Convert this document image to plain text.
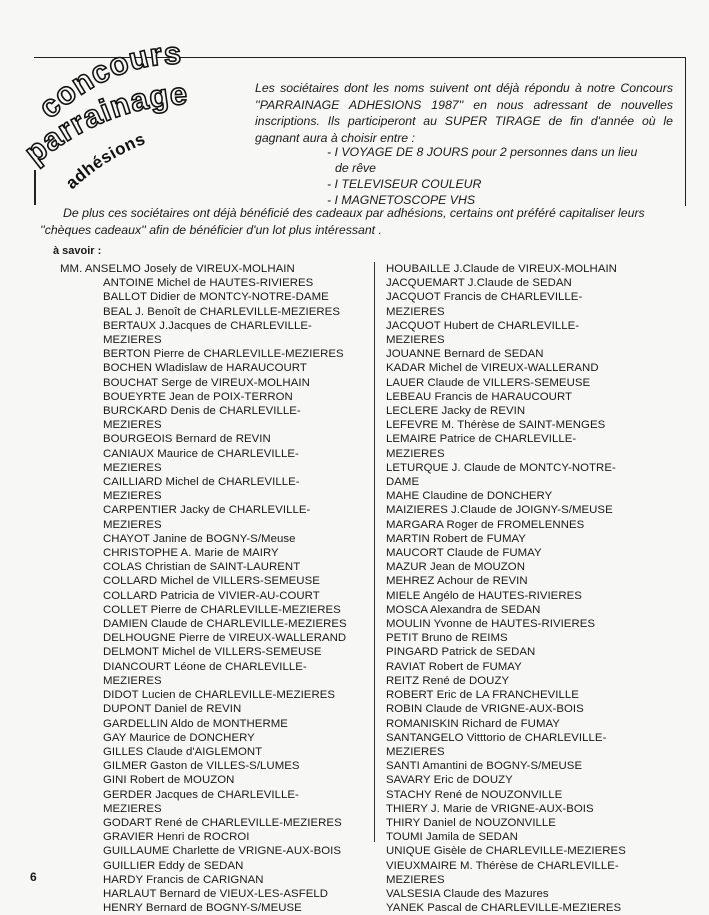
concours
parrainage
adhésions

Les sociétaires dont les noms suivent ont déjà répondu à notre Concours ''PARRAINAGE ADHESIONS 1987'' en nous adressant de nouvelles inscriptions. Ils participeront au SUPER TIRAGE de fin d'année où le gagnant aura à choisir entre :

- I VOYAGE DE 8 JOURS pour 2 personnes dans un lieu
de rêve
- I TELEVISEUR COULEUR
- I MAGNETOSCOPE VHS
De plus ces sociétaires ont déjà bénéficié des cadeaux par adhésions, certains ont préféré capitaliser leurs ''chèques cadeaux'' afin de bénéficier d'un lot plus intéressant .
à savoir :
MM. ANSELMO Josely de VIREUX-MOLHAIN
ANTOINE Michel de HAUTES-RIVIERES
BALLOT Didier de MONTCY-NOTRE-DAME
BEAL J. Benoît de CHARLEVILLE-MEZIERES
BERTAUX J.Jacques de CHARLEVILLE-
MEZIERES
BERTON Pierre de CHARLEVILLE-MEZIERES
BOCHEN Wladislaw de HARAUCOURT
BOUCHAT Serge de VIREUX-MOLHAIN
BOUEYRTE Jean de POIX-TERRON
BURCKARD Denis de CHARLEVILLE-
MEZIERES
BOURGEOIS Bernard de REVIN
CANIAUX Maurice de CHARLEVILLE-
MEZIERES
CAILLIARD Michel de CHARLEVILLE-
MEZIERES
CARPENTIER Jacky de CHARLEVILLE-
MEZIERES
CHAYOT Janine de BOGNY-S/Meuse
CHRISTOPHE A. Marie de MAIRY
COLAS Christian de SAINT-LAURENT
COLLARD Michel de VILLERS-SEMEUSE
COLLARD Patricia de VIVIER-AU-COURT
COLLET Pierre de CHARLEVILLE-MEZIERES
DAMIEN Claude de CHARLEVILLE-MEZIERES
DELHOUGNE Pierre de VIREUX-WALLERAND
DELMONT Michel de VILLERS-SEMEUSE
DIANCOURT Léone de CHARLEVILLE-
MEZIERES
DIDOT Lucien de CHARLEVILLE-MEZIERES
DUPONT Daniel de REVIN
GARDELLIN Aldo de MONTHERME
GAY Maurice de DONCHERY
GILLES Claude d'AIGLEMONT
GILMER Gaston de VILLES-S/LUMES
GINI Robert de MOUZON
GERDER Jacques de CHARLEVILLE-
MEZIERES
GODART René de CHARLEVILLE-MEZIERES
GRAVIER Henri de ROCROI
GUILLAUME Charlette de VRIGNE-AUX-BOIS
GUILLIER Eddy de SEDAN
HARDY Francis de CARIGNAN
HARLAUT Bernard de VIEUX-LES-ASFELD
HENRY Bernard de BOGNY-S/MEUSE
HOUBAILLE J.Claude de VIREUX-MOLHAIN
JACQUEMART J.Claude de SEDAN
JACQUOT Francis de CHARLEVILLE-
MEZIERES
JACQUOT Hubert de CHARLEVILLE-
MEZIERES
JOUANNE Bernard de SEDAN
KADAR Michel de VIREUX-WALLERAND
LAUER Claude de VILLERS-SEMEUSE
LEBEAU Francis de HARAUCOURT
LECLERE Jacky de REVIN
LEFEVRE M. Thérèse de SAINT-MENGES
LEMAIRE Patrice de CHARLEVILLE-
MEZIERES
LETURQUE J. Claude de MONTCY-NOTRE-
DAME
MAHE Claudine de DONCHERY
MAIZIERES J.Claude de JOIGNY-S/MEUSE
MARGARA Roger de FROMELENNES
MARTIN Robert de FUMAY
MAUCORT Claude de FUMAY
MAZUR Jean de MOUZON
MEHREZ Achour de REVIN
MIELE Angélo de HAUTES-RIVIERES
MOSCA Alexandra de SEDAN
MOULIN Yvonne de HAUTES-RIVIERES
PETIT Bruno de REIMS
PINGARD Patrick de SEDAN
RAVIAT Robert de FUMAY
REITZ René de DOUZY
ROBERT Eric de LA FRANCHEVILLE
ROBIN Claude de VRIGNE-AUX-BOIS
ROMANISKIN Richard de FUMAY
SANTANGELO Vitttorio de CHARLEVILLE-
MEZIERES
SANTI Amantini de BOGNY-S/MEUSE
SAVARY Eric de DOUZY
STACHY René de NOUZONVILLE
THIERY J. Marie de VRIGNE-AUX-BOIS
THIRY Daniel de NOUZONVILLE
TOUMI Jamila de SEDAN
UNIQUE Gisèle de CHARLEVILLE-MEZIERES
VIEUXMAIRE M. Thérèse de CHARLEVILLE-
MEZIERES
VALSESIA Claude des Mazures
YANEK Pascal de CHARLEVILLE-MEZIERES
6
